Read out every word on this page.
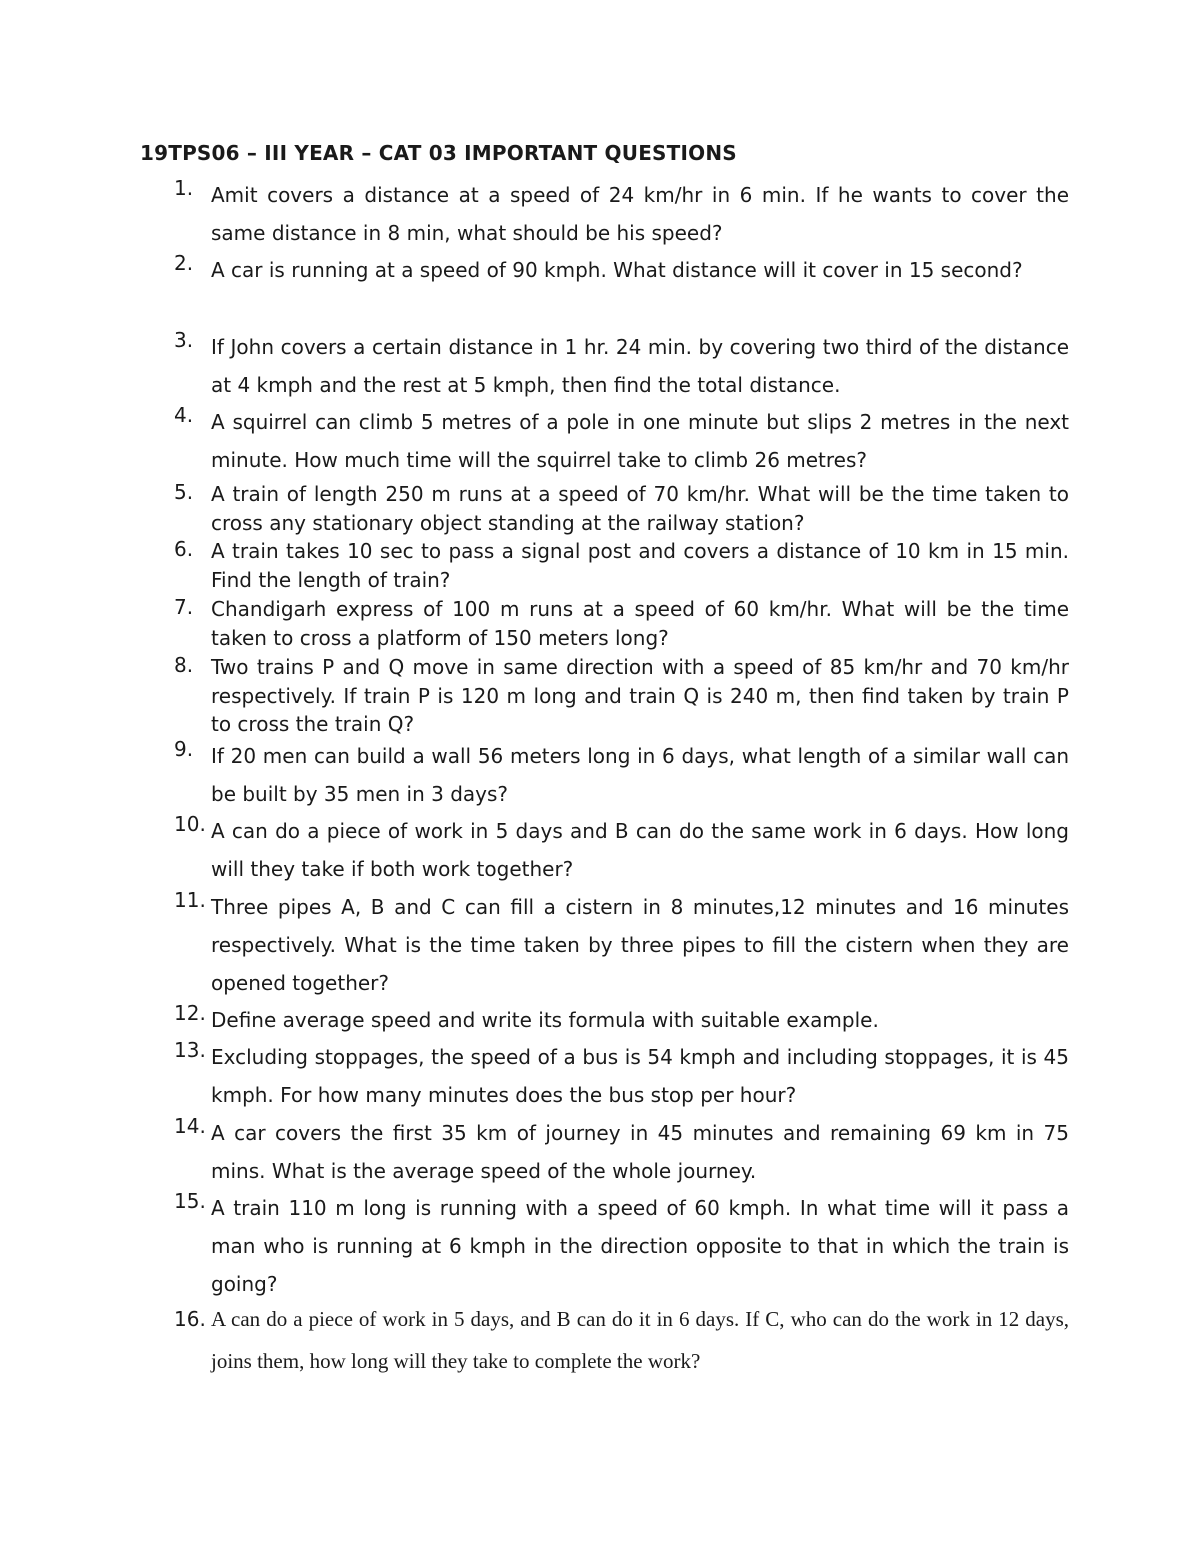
19TPS06 – III YEAR – CAT 03 IMPORTANT QUESTIONS
1. Amit covers a distance at a speed of 24 km/hr in 6 min. If he wants to cover the same distance in 8 min, what should be his speed?
2. A car is running at a speed of 90 kmph. What distance will it cover in 15 second?
3. If John covers a certain distance in 1 hr. 24 min. by covering two third of the distance at 4 kmph and the rest at 5 kmph, then find the total distance.
4. A squirrel can climb 5 metres of a pole in one minute but slips 2 metres in the next minute. How much time will the squirrel take to climb 26 metres?
5. A train of length 250 m runs at a speed of 70 km/hr. What will be the time taken to cross any stationary object standing at the railway station?
6. A train takes 10 sec to pass a signal post and covers a distance of 10 km in 15 min. Find the length of train?
7. Chandigarh express of 100 m runs at a speed of 60 km/hr. What will be the time taken to cross a platform of 150 meters long?
8. Two trains P and Q move in same direction with a speed of 85 km/hr and 70 km/hr respectively. If train P is 120 m long and train Q is 240 m, then find taken by train P to cross the train Q?
9. If 20 men can build a wall 56 meters long in 6 days, what length of a similar wall can be built by 35 men in 3 days?
10. A can do a piece of work in 5 days and B can do the same work in 6 days. How long will they take if both work together?
11. Three pipes A, B and C can fill a cistern in 8 minutes,12 minutes and 16 minutes respectively. What is the time taken by three pipes to fill the cistern when they are opened together?
12. Define average speed and write its formula with suitable example.
13. Excluding stoppages, the speed of a bus is 54 kmph and including stoppages, it is 45 kmph. For how many minutes does the bus stop per hour?
14. A car covers the first 35 km of journey in 45 minutes and remaining 69 km in 75 mins. What is the average speed of the whole journey.
15. A train 110 m long is running with a speed of 60 kmph. In what time will it pass a man who is running at 6 kmph in the direction opposite to that in which the train is going?
16. A can do a piece of work in 5 days, and B can do it in 6 days. If C, who can do the work in 12 days, joins them, how long will they take to complete the work?
